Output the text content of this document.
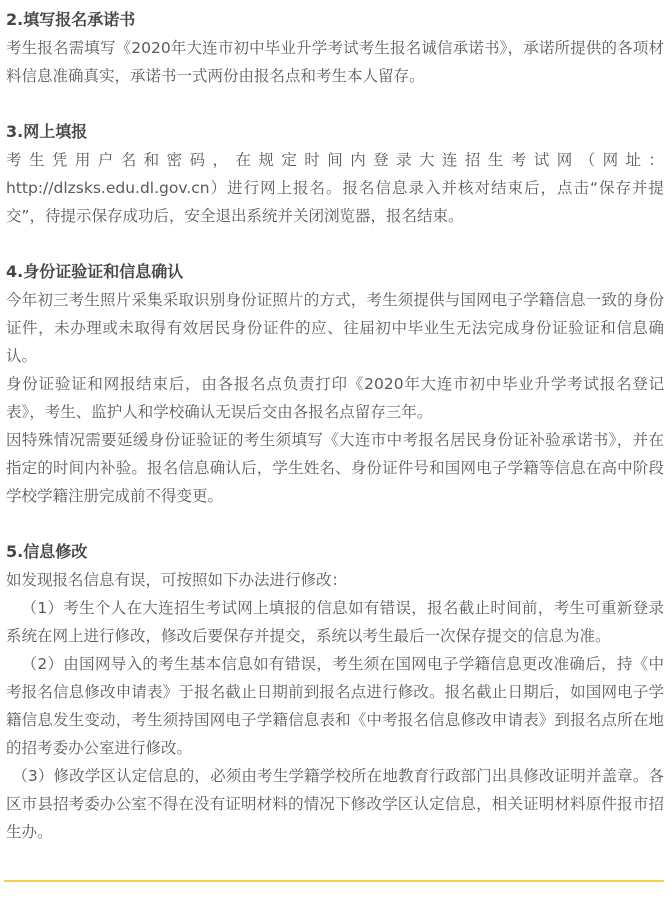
2.填写报名承诺书

考生报名需填写《2020年大连市初中毕业升学考试考生报名诚信承诺书》，承诺所提供的各项材料信息准确真实，承诺书一式两份由报名点和考生本人留存。

3.网上填报

考生凭用户名和密码，在规定时间内登录大连招生考试网（网址：http://dlzsks.edu.dl.gov.cn）进行网上报名。报名信息录入并核对结束后，点击“保存并提交”，待提示保存成功后，安全退出系统并关闭浏览器，报名结束。

4.身份证验证和信息确认

今年初三考生照片采集采取识别身份证照片的方式，考生须提供与国网电子学籍信息一致的身份证件，未办理或未取得有效居民身份证件的应、往届初中毕业生无法完成身份证验证和信息确认。

身份证验证和网报结束后，由各报名点负责打印《2020年大连市初中毕业升学考试报名登记表》，考生、监护人和学校确认无误后交由各报名点留存三年。

因特殊情况需要延缓身份证验证的考生须填写《大连市中考报名居民身份证补验承诺书》，并在指定的时间内补验。报名信息确认后，学生姓名、身份证件号和国网电子学籍等信息在高中阶段学校学籍注册完成前不得变更。

5.信息修改

如发现报名信息有误，可按照如下办法进行修改：

（1）考生个人在大连招生考试网上填报的信息如有错误，报名截止时间前，考生可重新登录系统在网上进行修改，修改后要保存并提交，系统以考生最后一次保存提交的信息为准。

（2）由国网导入的考生基本信息如有错误，考生须在国网电子学籍信息更改准确后，持《中考报名信息修改申请表》于报名截止日期前到报名点进行修改。报名截止日期后，如国网电子学籍信息发生变动，考生须持国网电子学籍信息表和《中考报名信息修改申请表》到报名点所在地的招考委办公室进行修改。

（3）修改学区认定信息的，必须由考生学籍学校所在地教育行政部门出具修改证明并盖章。各区市县招考委办公室不得在没有证明材料的情况下修改学区认定信息，相关证明材料原件报市招生办。
